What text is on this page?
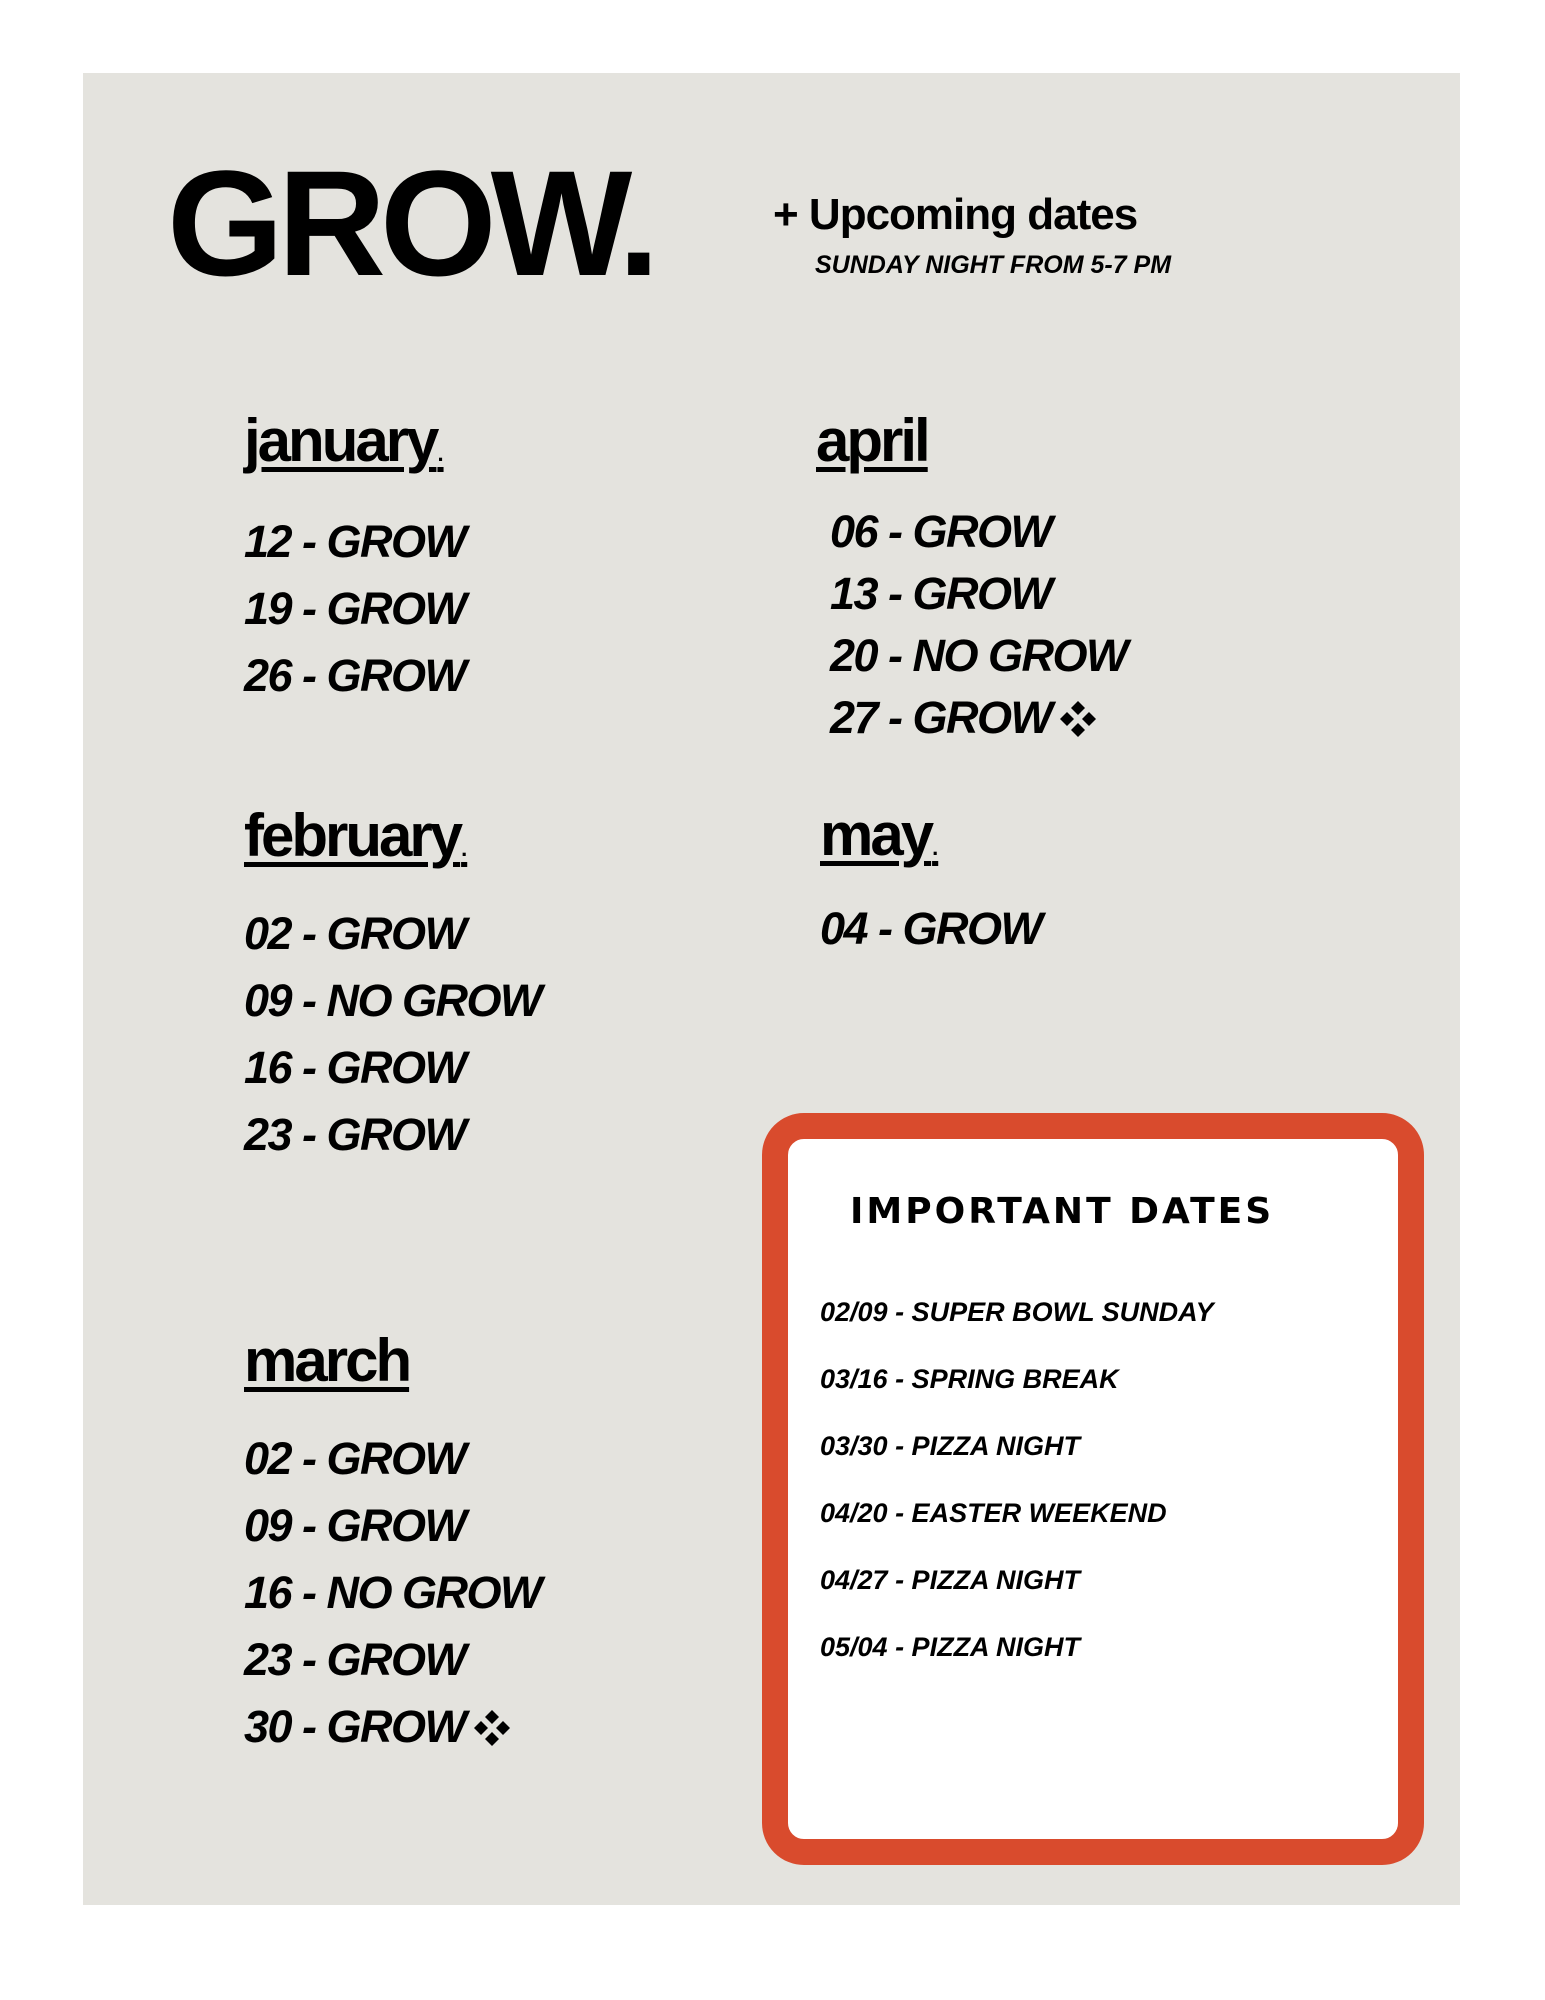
GROW.	+ Upcoming dates
SUNDAY NIGHT FROM 5-7 PM
january.
12 - GROW
19 - GROW
26 - GROW
february.
02 - GROW
09 - NO GROW
16 - GROW
23 - GROW
march
02 - GROW
09 - GROW
16 - NO GROW
23 - GROW
30 - GROW
april
06 - GROW
13 - GROW
20 - NO GROW
27 - GROW
may.
04 - GROW
IMPORTANT DATES
02/09 - SUPER BOWL SUNDAY
03/16 - SPRING BREAK
03/30 - PIZZA NIGHT
04/20 - EASTER WEEKEND
04/27 - PIZZA NIGHT
05/04 - PIZZA NIGHT
